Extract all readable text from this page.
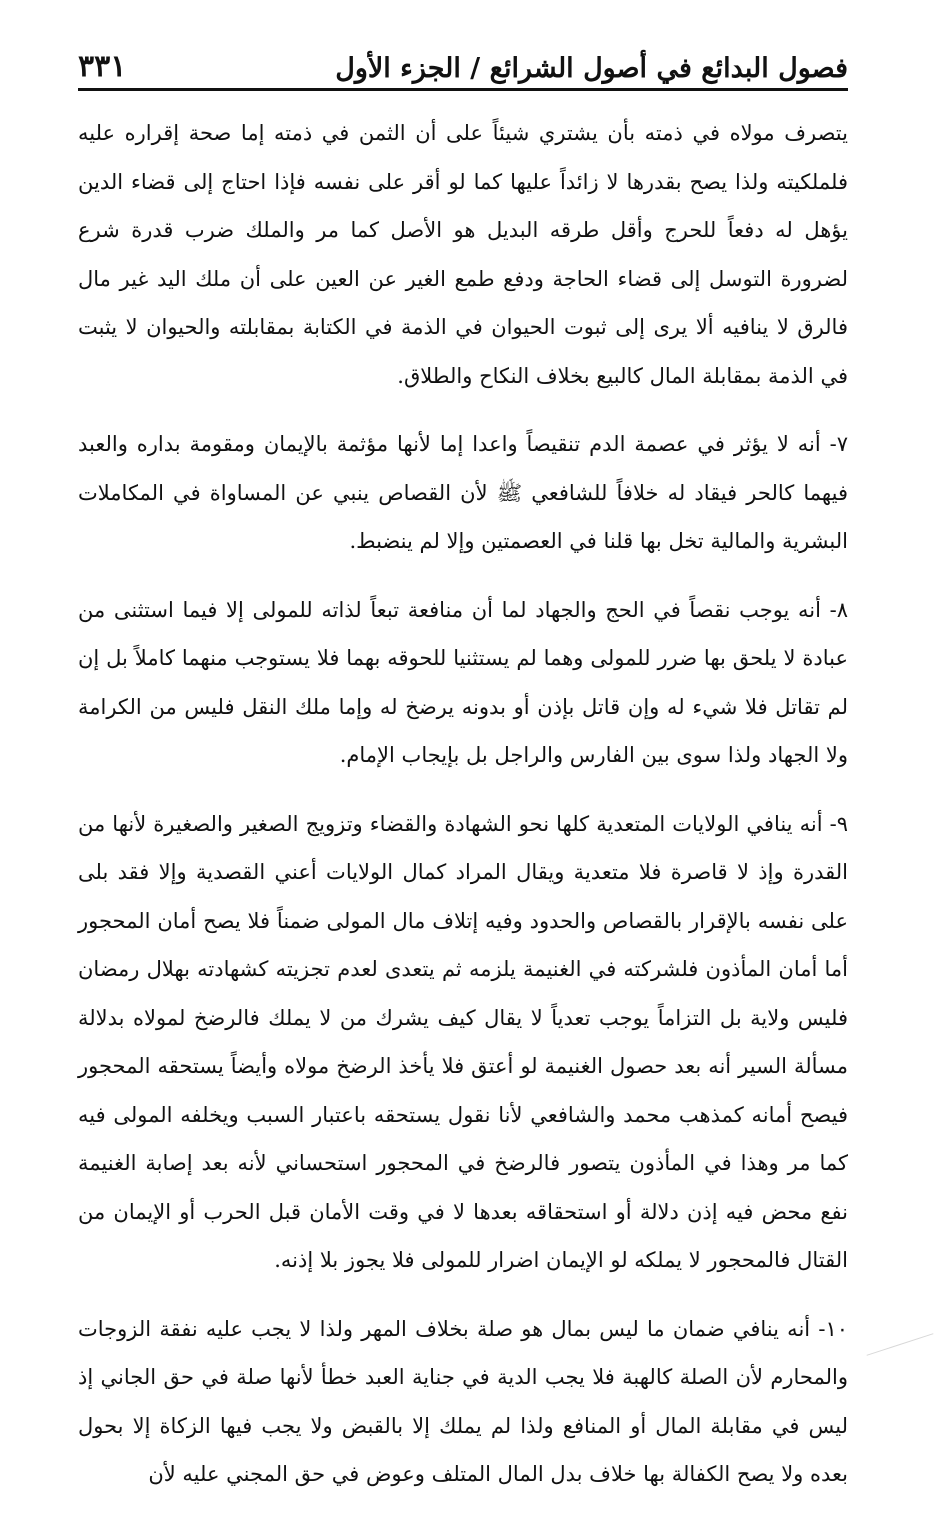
فصول البدائع في أصول الشرائع / الجزء الأول
٣٣١

يتصرف مولاه في ذمته بأن يشتري شيئاً على أن الثمن في ذمته إما صحة إقراره عليه فلملكيته ولذا يصح بقدرها لا زائداً عليها كما لو أقر على نفسه فإذا احتاج إلى قضاء الدين يؤهل له دفعاً للحرج وأقل طرقه البديل هو الأصل كما مر والملك ضرب قدرة شرع لضرورة التوسل إلى قضاء الحاجة ودفع طمع الغير عن العين على أن ملك اليد غير مال فالرق لا ينافيه ألا يرى إلى ثبوت الحيوان في الذمة في الكتابة بمقابلته والحيوان لا يثبت في الذمة بمقابلة المال كالبيع بخلاف النكاح والطلاق.

٧- أنه لا يؤثر في عصمة الدم تنقيصاً واعدا إما لأنها مؤثمة بالإيمان ومقومة بداره والعبد فيهما كالحر فيقاد له خلافاً للشافعي ﷺ لأن القصاص ينبي عن المساواة في المكاملات البشرية والمالية تخل بها قلنا في العصمتين وإلا لم ينضبط.

٨- أنه يوجب نقصاً في الحج والجهاد لما أن منافعة تبعاً لذاته للمولى إلا فيما استثنى من عبادة لا يلحق بها ضرر للمولى وهما لم يستثنيا للحوقه بهما فلا يستوجب منهما كاملاً بل إن لم تقاتل فلا شيء له وإن قاتل بإذن أو بدونه يرضخ له وإما ملك النقل فليس من الكرامة ولا الجهاد ولذا سوى بين الفارس والراجل بل بإيجاب الإمام.

٩- أنه ينافي الولايات المتعدية كلها نحو الشهادة والقضاء وتزويج الصغير والصغيرة لأنها من القدرة وإذ لا قاصرة فلا متعدية ويقال المراد كمال الولايات أعني القصدية وإلا فقد بلى على نفسه بالإقرار بالقصاص والحدود وفيه إتلاف مال المولى ضمناً فلا يصح أمان المحجور أما أمان المأذون فلشركته في الغنيمة يلزمه ثم يتعدى لعدم تجزيته كشهادته بهلال رمضان فليس ولاية بل التزاماً يوجب تعدياً لا يقال كيف يشرك من لا يملك فالرضخ لمولاه بدلالة مسألة السير أنه بعد حصول الغنيمة لو أعتق فلا يأخذ الرضخ مولاه وأيضاً يستحقه المحجور فيصح أمانه كمذهب محمد والشافعي لأنا نقول يستحقه باعتبار السبب ويخلفه المولى فيه كما مر وهذا في المأذون يتصور فالرضخ في المحجور استحساني لأنه بعد إصابة الغنيمة نفع محض فيه إذن دلالة أو استحقاقه بعدها لا في وقت الأمان قبل الحرب أو الإيمان من القتال فالمحجور لا يملكه لو الإيمان اضرار للمولى فلا يجوز بلا إذنه.

١٠- أنه ينافي ضمان ما ليس بمال هو صلة بخلاف المهر ولذا لا يجب عليه نفقة الزوجات والمحارم لأن الصلة كالهبة فلا يجب الدية في جناية العبد خطأ لأنها صلة في حق الجاني إذ ليس في مقابلة المال أو المنافع ولذا لم يملك إلا بالقبض ولا يجب فيها الزكاة إلا بحول بعده ولا يصح الكفالة بها خلاف بدل المال المتلف وعوض في حق المجني عليه لأن
